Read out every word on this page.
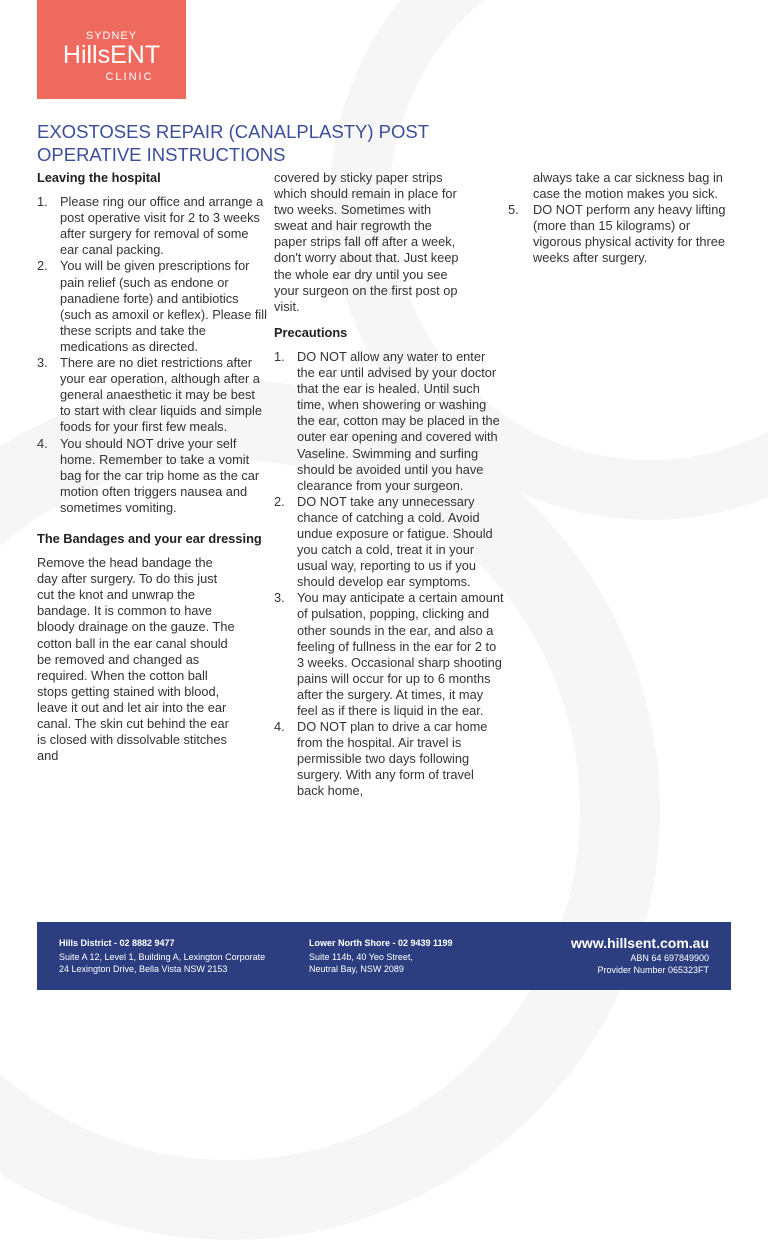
SYDNEY
HillsENT
CLINIC
EXOSTOSES REPAIR (CANALPLASTY) POST OPERATIVE INSTRUCTIONS
Leaving the hospital
1. Please ring our office and arrange a post operative visit for 2 to 3 weeks after surgery for removal of some ear canal packing.
2. You will be given prescriptions for pain relief (such as endone or panadiene forte) and antibiotics (such as amoxil or keflex). Please fill these scripts and take the medications as directed.
3. There are no diet restrictions after your ear operation, although after a general anaesthetic it may be best to start with clear liquids and simple foods for your first few meals.
4. You should NOT drive your self home. Remember to take a vomit bag for the car trip home as the car motion often triggers nausea and sometimes vomiting.
The Bandages and your ear dressing

Remove the head bandage the day after surgery. To do this just cut the knot and unwrap the bandage. It is common to have bloody drainage on the gauze. The cotton ball in the ear canal should be removed and changed as required. When the cotton ball stops getting stained with blood, leave it out and let air into the ear canal. The skin cut behind the ear is closed with dissolvable stitches and

covered by sticky paper strips which should remain in place for two weeks. Sometimes with sweat and hair regrowth the paper strips fall off after a week, don't worry about that. Just keep the whole ear dry until you see your surgeon on the first post op visit.

Precautions
1. DO NOT allow any water to enter the ear until advised by your doctor that the ear is healed. Until such time, when showering or washing the ear, cotton may be placed in the outer ear opening and covered with Vaseline. Swimming and surfing should be avoided until you have clearance from your surgeon.
2. DO NOT take any unnecessary chance of catching a cold. Avoid undue exposure or fatigue. Should you catch a cold, treat it in your usual way, reporting to us if you should develop ear symptoms.
3. You may anticipate a certain amount of pulsation, popping, clicking and other sounds in the ear, and also a feeling of fullness in the ear for 2 to 3 weeks. Occasional sharp shooting pains will occur for up to 6 months after the surgery. At times, it may feel as if there is liquid in the ear.
4. DO NOT plan to drive a car home from the hospital. Air travel is permissible two days following surgery. With any form of travel back home,
always take a car sickness bag in case the motion makes you sick.
5. DO NOT perform any heavy lifting (more than 15 kilograms) or vigorous physical activity for three weeks after surgery.
Hills District - 02 8882 9477
Suite A 12, Level 1, Building A, Lexington Corporate
24 Lexington Drive, Bella Vista NSW 2153
Lower North Shore - 02 9439 1199
Suite 114b, 40 Yeo Street,
Neutral Bay, NSW 2089
www.hillsent.com.au
ABN 64 697849900
Provider Number 065323FT
